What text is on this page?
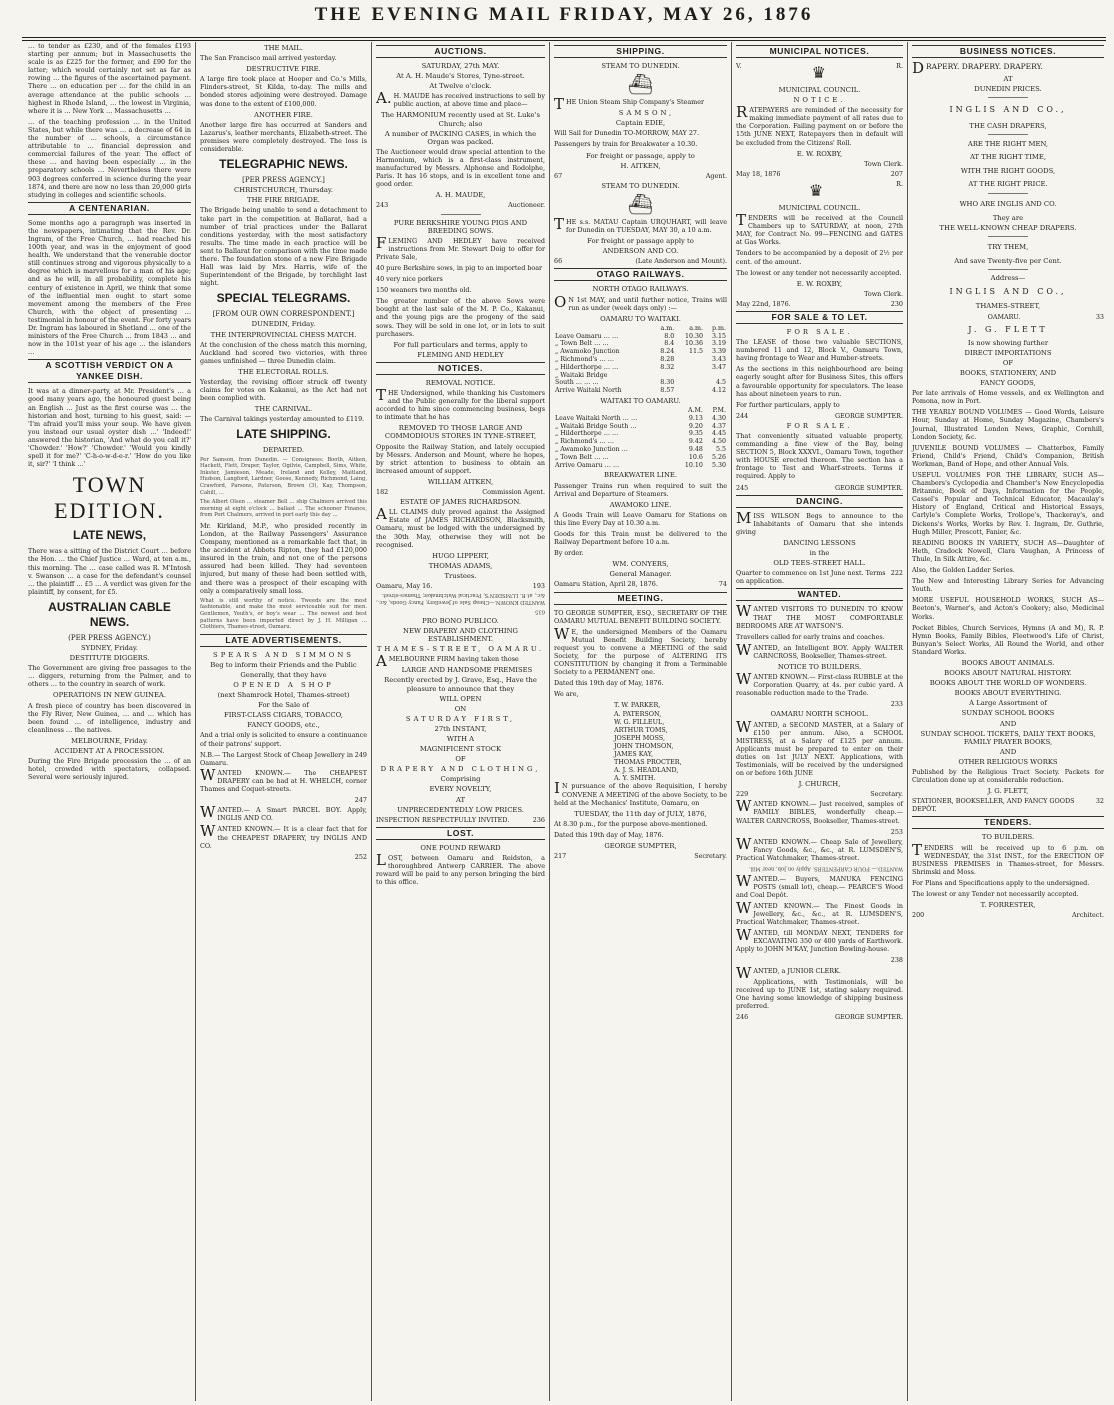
THE EVENING MAIL FRIDAY, MAY 26, 1876

… to tender as £230, and of the females £193 starting per annum; but in Massachusetts the scale is as £225 for the former, and £90 for the latter; which would certainly not set as far as rowing … the figures of the ascertained payment. There … on education per … for the child in an average attendance at the public schools … highest in Rhode Island, … the lowest in Virginia, where it is … New York … Massachusetts …

… of the teaching profession … in the United States, but while there was … a decrease of 64 in the number of … schools, a circumstance attributable to … financial depression and commercial failures of the year. The effect of these … and having been especially … in the preparatory schools … Nevertheless there were 903 degrees conferred in science during the year 1874, and there are now no less than 20,000 girls studying in colleges and scientific schools.

A CENTENARIAN.

Some months ago a paragraph was inserted in the newspapers, intimating that the Rev. Dr. Ingram, of the Free Church, … had reached his 100th year, and was in the enjoyment of good health. We understand that the venerable doctor still continues strong and vigorous physically to a degree which is marvellous for a man of his age; and as he will, in all probability, complete his century of existence in April, we think that some of the influential men ought to start some movement among the members of the Free Church, with the object of presenting … testimonial in honour of the event. For forty years Dr. Ingram has laboured in Shetland … one of the ministers of the Free Church … from 1843 … and now in the 101st year of his age … the islanders …

A SCOTTISH VERDICT ON A YANKEE DISH.

It was at a dinner-party, at Mr. President's … a good many years ago, the honoured guest being an English … Just as the first course was … the historian and host, turning to his guest, said: — 'I'm afraid you'll miss your soup. We have given you instead our usual oyster dish …' 'Indeed!' answered the historian, 'And what do you call it?' 'Chowder.' 'How?' 'Chowder.' 'Would you kindly spell it for me?' 'C-h-o-w-d-e-r.' 'How do you like it, sir?' 'I think …'

TOWN EDITION.
LATE NEWS,

There was a sitting of the District Court … before the Hon. … the Chief Justice … Ward, at ten a.m., this morning. The … case called was R. M'Intosh v. Swanson … a case for the defendant's counsel … the plaintiff … £5 … A verdict was given for the plaintiff, by consent, for £5.

AUSTRALIAN CABLE NEWS.
(PER PRESS AGENCY.)
SYDNEY, Friday.
DESTITUTE DIGGERS.

The Government are giving free passages to the … diggers, returning from the Palmer, and to others … to the country in search of work.

OPERATIONS IN NEW GUINEA.

A fresh piece of country has been discovered in the Fly River, New Guinea, … and … which has been found … of intelligence, industry and cleanliness … the natives.

MELBOURNE, Friday.
ACCIDENT AT A PROCESSION.

During the Fire Brigade procession the … of an hotel, crowded with spectators, collapsed. Several were seriously injured.

THE MAIL.

The San Francisco mail arrived yesterday.

DESTRUCTIVE FIRE.

A large fire took place at Hooper and Co.'s Mills, Flinders-street, St Kilda, to-day. The mills and bonded stores adjoining were destroyed. Damage was done to the extent of £100,000.

ANOTHER FIRE.

Another large fire has occurred at Sanders and Lazarus's, leather merchants, Elizabeth-street. The premises were completely destroyed. The loss is considerable.

TELEGRAPHIC NEWS.
[PER PRESS AGENCY.]
CHRISTCHURCH, Thursday.
THE FIRE BRIGADE.

The Brigade being unable to send a detachment to take part in the competition at Ballarat, had a number of trial practices under the Ballarat conditions yesterday, with the most satisfactory results. The time made in each practice will be sent to Ballarat for comparison with the time made there. The foundation stone of a new Fire Brigade Hall was laid by Mrs. Harris, wife of the Superintendent of the Brigade, by torchlight last night.

SPECIAL TELEGRAMS.
[FROM OUR OWN CORRESPONDENT.]
DUNEDIN, Friday.
THE INTERPROVINCIAL CHESS MATCH.

At the conclusion of the chess match this morning, Auckland had scored two victories, with three games unfinished — three Dunedin claim.

THE ELECTORAL ROLLS.

Yesterday, the revising officer struck off twenty claims for votes on Kakanui, as the Act had not been complied with.

THE CARNIVAL.

The Carnival takings yesterday amounted to £119.

LATE SHIPPING.
DEPARTED.

Per Samson, from Dunedin. — Consignees: Booth, Aitken, Hackett, Flett, Draper, Taylor, Ogilvie, Campbell, Sims, White, Inkster, Jamieson, Meade, Ireland and Kelley, Maitland, Hudson, Langford, Lardner, Goose, Kennedy, Richmond, Laing, Crawford, Parsons, Paterson, Brown (3), Kay, Thompson, Cahill, …

The Albert Olsen … steamer Bell … ship Chalmers arrived this morning at eight o'clock … ballast … The schooner Finance, from Port Chalmers, arrived in port early this day …

Mr. Kirkland, M.P., who presided recently in London, at the Railway Passengers' Assurance Company, mentioned as a remarkable fact that, in the accident at Abbots Ripton, they had £120,000 insured in the train, and not one of the persons assured had been killed. They had seventeen injured, but many of these had been settled with, and there was a prospect of their escaping with only a comparatively small loss.

What is still worthy of notice. Tweeds are the most fashionable, and make the most serviceable suit for men. Gentlemen, Youth's, or boy's wear … The newest and best patterns have been imported direct by J. H. Milligan … Clothiers, Thames-street, Oamaru.

LATE ADVERTISEMENTS.
SPEARS AND SIMMONS
Beg to inform their Friends and the Public
Generally, that they have
OPENED A SHOP
(next Shamrock Hotel, Thames-street)
For the Sale of
FIRST-CLASS CIGARS, TOBACCO,
FANCY GOODS, etc.,

And a trial only is solicited to ensure a continuance of their patrons' support.

N.B.— The Largest Stock of Cheap Jewellery in Oamaru.
249

WANTED KNOWN.— The CHEAPEST DRAPERY can be had at H. WHELCH, corner Thames and Coquet-streets.

247

WANTED.— A Smart PARCEL BOY. Apply, INGLIS AND CO.

WANTED KNOWN.— It is a clear fact that for the CHEAPEST DRAPERY, try INGLIS AND CO.

252
AUCTIONS.
SATURDAY, 27th MAY.
At A. H. Maude's Stores, Tyne-street.
At Twelve o'clock.

A.H. MAUDE has received instructions to sell by public auction, at above time and place—

The HARMONIUM recently used at St. Luke's Church; also
A number of PACKING CASES, in which the Organ was packed.

The Auctioneer would draw special attention to the Harmonium, which is a first-class instrument, manufactured by Messrs. Alphonse and Rodolphe, Paris. It has 16 stops, and is in excellent tone and good order.

A. H. MAUDE,
243	Auctioneer.
PURE BERKSHIRE YOUNG PIGS AND BREEDING SOWS.

FLEMING AND HEDLEY have received instructions from Mr. Stewart Doig to offer for Private Sale,

40 pure Berkshire sows, in pig to an imported boar

40 very nice porkers

150 weaners two months old.

The greater number of the above Sows were bought at the last sale of the M. P. Co., Kakanui, and the young pigs are the progeny of the said sows. They will be sold in one lot, or in lots to suit purchasers.

For full particulars and terms, apply to
FLEMING AND HEDLEY
NOTICES.
REMOVAL NOTICE.

THE Undersigned, while thanking his Customers and the Public generally for the liberal support accorded to him since commencing business, begs to intimate that he has

REMOVED TO THOSE LARGE AND COMMODIOUS STORES IN TYNE-STREET,

Opposite the Railway Station, and lately occupied by Messrs. Anderson and Mount, where he hopes, by strict attention to business to obtain an increased amount of support.

WILLIAM AITKEN,
182	Commission Agent.
ESTATE OF JAMES RICHARDSON.

ALL CLAIMS duly proved against the Assigned Estate of JAMES RICHARDSON, Blacksmith, Oamaru, must be lodged with the undersigned by the 30th May, otherwise they will not be recognised.

HUGO LIPPERT,
THOMAS ADAMS,
Trustees.
Oamaru, May 16.	193

WANTED KNOWN.—Cheap Sale of Jewellery, Fancy Goods, &c., &c., at R. LUMSDEN'S, Practical Watchmaker, Thames-street.

635
PRO BONO PUBLICO.
NEW DRAPERY AND CLOTHING ESTABLISHMENT.
THAMES-STREET, OAMARU.

AMELBOURNE FIRM having taken those

LARGE AND HANDSOME PREMISES
Recently erected by J. Grave, Esq., Have the pleasure to announce that they
WILL OPEN
ON
SATURDAY FIRST,
27th INSTANT,
WITH A
MAGNIFICENT STOCK
OF
DRAPERY AND CLOTHING,
Comprising
EVERY NOVELTY,
AT
UNPRECEDENTEDLY LOW PRICES.
INSPECTION RESPECTFULLY INVITED.	236
LOST.
ONE POUND REWARD

LOST, between Oamaru and Reidston, a thoroughbred Antwerp CARRIER. The above reward will be paid to any person bringing the bird to this office.

SHIPPING.
STEAM TO DUNEDIN.
⛴

THE Union Steam Ship Company's Steamer

SAMSON,
Captain EDIE,

Will Sail for Dunedin TO-MORROW, MAY 27.

Passengers by train for Breakwater a 10.30.

For freight or passage, apply to
H. AITKEN,
67	Agent.
STEAM TO DUNEDIN.
⛴

THE s.s. MATAU Captain URQUHART, will leave for Dunedin on TUESDAY, MAY 30, a 10 a.m.

For freight or passage apply to
ANDERSON AND CO.
66	(Late Anderson and Mount).
OTAGO RAILWAYS.
NORTH OTAGO RAILWAYS.

ON 1st MAY, and until further notice, Trains will run as under (week days only) :—

OAMARU TO WAITAKI.
	a.m.	a.m.	p.m.
Leave Oamaru … …	8.0	10.30	3.15
„ Town Belt … …	8.4	10.36	3.19
„ Awamoko Junction	8.24	11.5	3.39
„ Richmond's … …	8.28		3.43
„ Hilderthorpe … …	8.32		3.47
„ Waitaki Bridge			
South … … …	8.30		4.5
Arrive Waitaki North	8.57		4.12
WAITAKI TO OAMARU.
	A.M.	P.M.
Leave Waitaki North … …	9.13	4.30
„ Waitaki Bridge South …	9.20	4.37
„ Hilderthorpe … …	9.35	4.45
„ Richmond's … …	9.42	4.50
„ Awamoko Junction …	9.48	5.5
„ Town Belt … …	10.6	5.26
Arrive Oamaru … …	10.10	5.30
BREAKWATER LINE.

Passenger Trains run when required to suit the Arrival and Departure of Steamers.

AWAMOKO LINE.

A Goods Train will Leave Oamaru for Stations on this line Every Day at 10.30 a.m.

Goods for this Train must be delivered to the Railway Department before 10 a.m.

By order.

WM. CONYERS,
General Manager.
Oamaru Station, April 28, 1876.	74
MEETING.

TO GEORGE SUMPTER, ESQ., SECRETARY OF THE OAMARU MUTUAL BENEFIT BUILDING SOCIETY.

WE, the undersigned Members of the Oamaru Mutual Benefit Building Society, hereby request you to convene a MEETING of the said Society, for the purpose of ALTERING ITS CONSTITUTION by changing it from a Terminable Society to a PERMANENT one.

Dated this 19th day of May, 1876.

We are,

T. W. PARKER,
A. PATERSON,
W. G. FILLEUL,
ARTHUR TOMS,
JOSEPH MOSS,
JOHN THOMSON,
JAMES KAY,
THOMAS PROCTER,
A. J. S. HEADLAND,
A. Y. SMITH.

IN pursuance of the above Requisition, I hereby CONVENE A MEETING of the above Society, to be held at the Mechanics' Institute, Oamaru, on

TUESDAY, the 11th day of JULY, 1876,

At 8.30 p.m., for the purpose above-mentioned.

Dated this 19th day of May, 1876.

GEORGE SUMPTER,
217	Secretary.
MUNICIPAL NOTICES.
V.	♛	R.
MUNICIPAL COUNCIL.
NOTICE.

RATEPAYERS are reminded of the necessity for making immediate payment of all rates due to the Corporation. Failing payment on or before the 15th JUNE NEXT, Ratepayers then in default will be excluded from the Citizens' Roll.

E. W. ROXBY,
Town Clerk.
May 18, 1876	207
♛	R.
MUNICIPAL COUNCIL.

TENDERS will be received at the Council Chambers up to SATURDAY, at noon, 27th MAY, for Contract No. 99—FENCING and GATES at Gas Works.

Tenders to be accompanied by a deposit of 2½ per cent. of the amount.

The lowest or any tender not necessarily accepted.

E. W. ROXBY,
Town Clerk.
May 22nd, 1876.	230
FOR SALE & TO LET.
FOR SALE.

The LEASE of those two valuable SECTIONS, numbered 11 and 12, Block V., Oamaru Town, having frontage to Wear and Humber-streets.

As the sections in this neighbourhood are being eagerly sought after for Business Sites, this offers a favourable opportunity for speculators. The lease has about nineteen years to run.

For further particulars, apply to

244	GEORGE SUMPTER.
FOR SALE.

That conveniently situated valuable property, commanding a fine view of the Bay, being SECTION 5, Block XXXVI., Oamaru Town, together with HOUSE erected thereon. The section has a frontage to Test and Wharf-streets. Terms if required. Apply to

245	GEORGE SUMPTER.
DANCING.

MISS WILSON Begs to announce to the Inhabitants of Oamaru that she intends giving

DANCING LESSONS
in the
OLD TEES-STREET HALL.
Quarter to commence on 1st June next. Terms on application.
222
WANTED.

WANTED VISITORS TO DUNEDIN TO KNOW THAT THE MOST COMFORTABLE BEDROOMS ARE AT WATSON'S.

Travellers called for early trains and coaches.

WANTED, an Intelligent BOY. Apply WALTER CARNCROSS, Bookseller, Thames-street.

NOTICE TO BUILDERS.

WANTED KNOWN.— First-class RUBBLE at the Corporation Quarry, at 4s. per cubic yard. A reasonable reduction made to the Trade.

233
OAMARU NORTH SCHOOL.

WANTED, a SECOND MASTER, at a Salary of £150 per annum. Also, a SCHOOL MISTRESS, at a Salary of £125 per annum. Applicants must be prepared to enter on their duties on 1st JULY NEXT. Applications, with Testimonials, will be received by the undersigned on or before 16th JUNE

J. CHURCH,
229	Secretary.

WANTED KNOWN.— Just received, samples of FAMILY BIBLES, wonderfully cheap.— WALTER CARNCROSS, Bookseller, Thames-street.

253

WANTED KNOWN.— Cheap Sale of Jewellery, Fancy Goods, &c., &c., at R. LUMSDEN'S, Practical Watchmaker, Thames-street.

WANTED.— FOUR CARPENTERS. Apply on Job, near Mill.

WANTED.— Buyers, MANUKA FENCING POSTS (small lot), cheap.— PEARCE'S Wood and Coal Depôt.

WANTED KNOWN.— The Finest Goods in Jewellery, &c., &c., at R. LUMSDEN'S, Practical Watchmaker, Thames-street.

WANTED, till MONDAY NEXT, TENDERS for EXCAVATING 350 or 400 yards of Earthwork. Apply to JOHN M'KAY, Junction Bowling-house.

238

WANTED, a JUNIOR CLERK.

Applications, with Testimonials, will be received up to JUNE 1st, stating salary required. One having some knowledge of shipping business preferred.

246	GEORGE SUMPTER.
BUSINESS NOTICES.

DRAPERY. DRAPERY. DRAPERY.

AT
DUNEDIN PRICES.
INGLIS AND CO.,
THE CASH DRAPERS,
ARE THE RIGHT MEN,
AT THE RIGHT TIME,
WITH THE RIGHT GOODS,
AT THE RIGHT PRICE.
WHO ARE INGLIS AND CO.
They are
THE WELL-KNOWN CHEAP DRAPERS.
TRY THEM,
And save Twenty-five per Cent.
Address—
INGLIS AND CO.,
THAMES-STREET,
OAMARU.	33
J. G. FLETT
Is now showing further
DIRECT IMPORTATIONS
OF
BOOKS, STATIONERY, AND
FANCY GOODS,

Per late arrivals of Home vessels, and ex Wellington and Pomona, now in Port.

THE YEARLY BOUND VOLUMES — Good Words, Leisure Hour, Sunday at Home, Sunday Magazine, Chambers's Journal, Illustrated London News, Graphic, Cornhill, London Society, &c.

JUVENILE BOUND VOLUMES — Chatterbox, Family Friend, Child's Friend, Child's Companion, British Workman, Band of Hope, and other Annual Vols.

USEFUL VOLUMES FOR THE LIBRARY, SUCH AS—Chambers's Cyclopedia and Chamber's New Encyclopedia Britannic, Book of Days, Information for the People, Cassel's Popular and Technical Educator, Macaulay's History of England, Critical and Historical Essays, Carlyle's Complete Works, Trollope's, Thackeray's, and Dickens's Works, Works by Rev. I. Ingram, Dr. Guthrie, Hugh Miller, Prescott, Fanier, &c.

READING BOOKS IN VARIETY, SUCH AS—Daughter of Heth, Cradock Nowell, Clara Vaughan, A Princess of Thule, In Silk Attire, &c.

Also, the Golden Ladder Series.

The New and Interesting Library Series for Advancing Youth.

MORE USEFUL HOUSEHOLD WORKS, SUCH AS—Beeton's, Warner's, and Acton's Cookery; also, Medicinal Works.

Pocket Bibles, Church Services, Hymns (A and M), R. P. Hymn Books, Family Bibles, Fleetwood's Life of Christ, Bunyan's Select Works, All Round the World, and other Standard Works.

BOOKS ABOUT ANIMALS.
BOOKS ABOUT NATURAL HISTORY.
BOOKS ABOUT THE WORLD OF WONDERS.
BOOKS ABOUT EVERYTHING.
A Large Assortment of
SUNDAY SCHOOL BOOKS
AND
SUNDAY SCHOOL TICKETS, DAILY TEXT BOOKS, FAMILY PRAYER BOOKS,
AND
OTHER RELIGIOUS WORKS

Published by the Religious Tract Society. Packets for Circulation done up at considerable reduction.

J. G. FLETT,
STATIONER, BOOKSELLER, AND FANCY GOODS DEPÔT.
32
TENDERS.
TO BUILDERS.

TENDERS will be received up to 6 p.m. on WEDNESDAY, the 31st INST., for the ERECTION OF BUSINESS PREMISES in Thames-street, for Messrs. Shrimski and Moss.

For Plans and Specifications apply to the undersigned.

The lowest or any Tender not necessarily accepted.

T. FORRESTER,
200	Architect.
